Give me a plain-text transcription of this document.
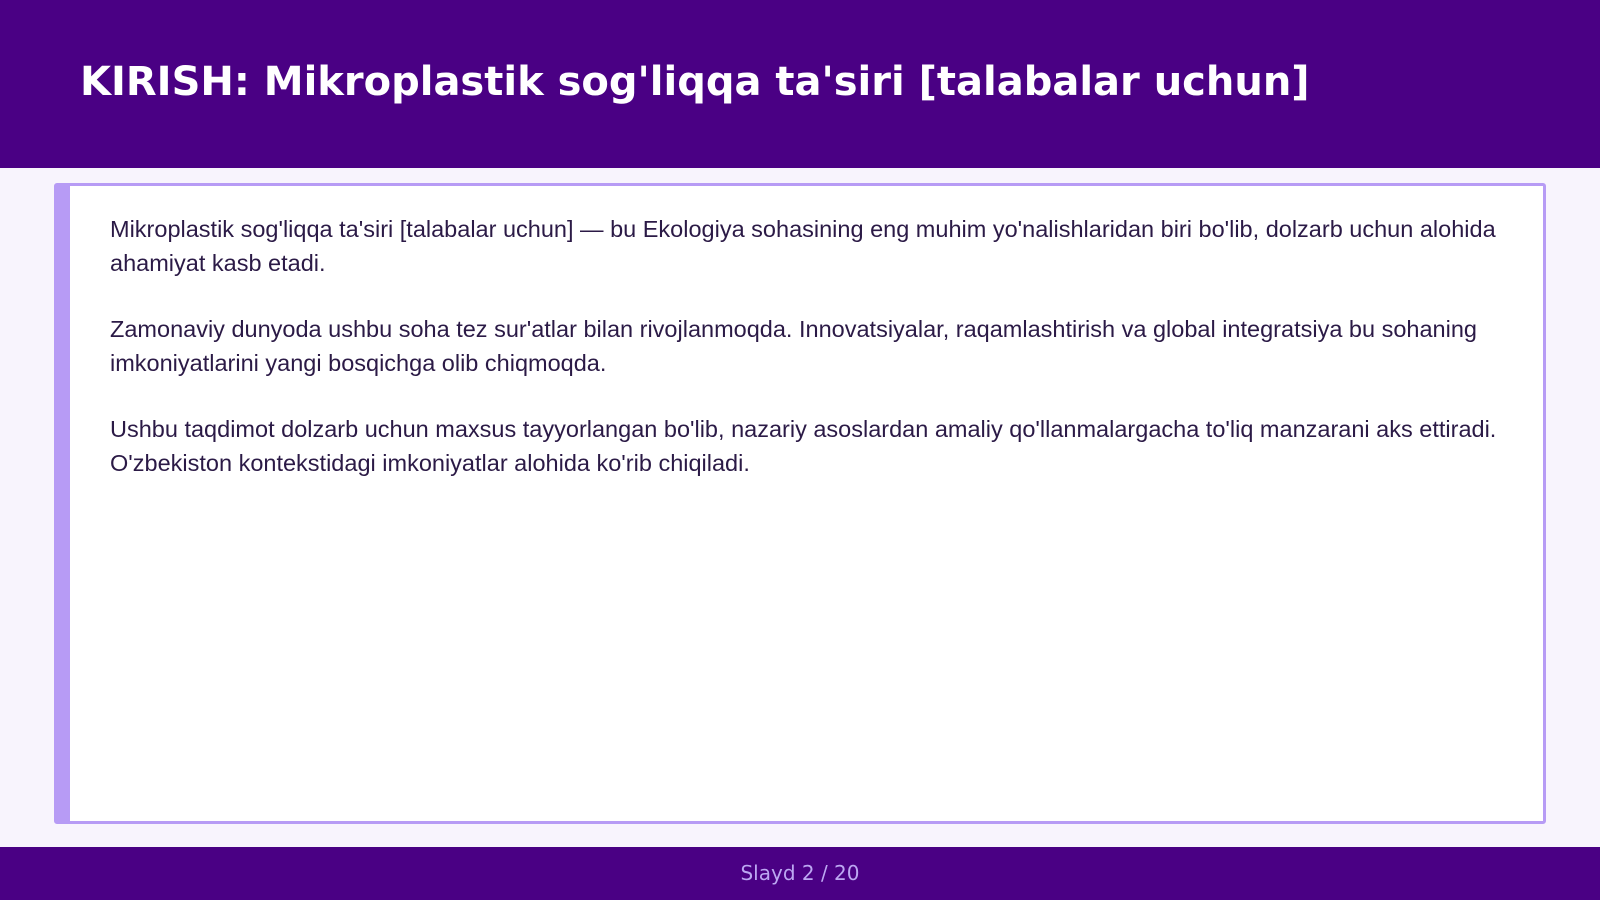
KIRISH: Mikroplastik sog'liqqa ta'siri [talabalar uchun]

Mikroplastik sog'liqqa ta'siri [talabalar uchun] — bu Ekologiya sohasining eng muhim yo'nalishlaridan biri bo'lib, dolzarb uchun alohida ahamiyat kasb etadi.

Zamonaviy dunyoda ushbu soha tez sur'atlar bilan rivojlanmoqda. Innovatsiyalar, raqamlashtirish va global integratsiya bu sohaning imkoniyatlarini yangi bosqichga olib chiqmoqda.

Ushbu taqdimot dolzarb uchun maxsus tayyorlangan bo'lib, nazariy asoslardan amaliy qo'llanmalargacha to'liq manzarani aks ettiradi. O'zbekiston kontekstidagi imkoniyatlar alohida ko'rib chiqiladi.

Slayd 2 / 20
